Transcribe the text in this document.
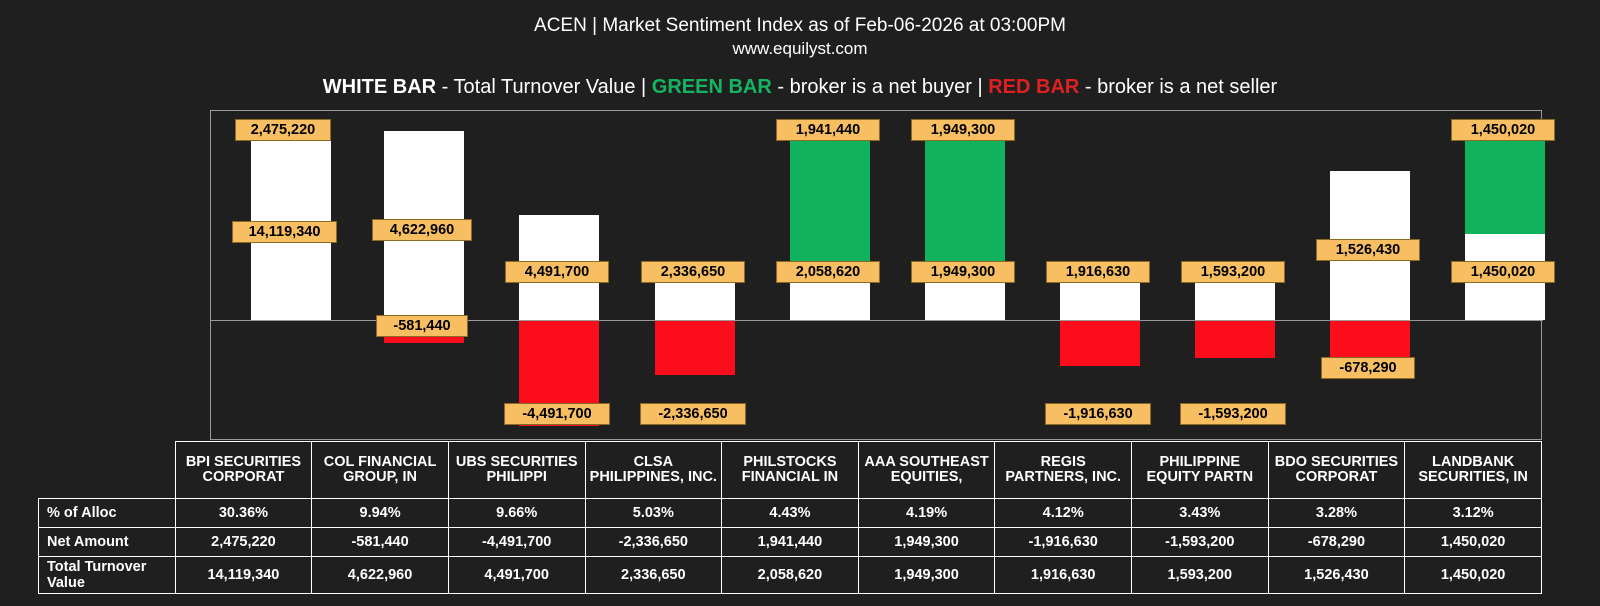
ACEN | Market Sentiment Index as of Feb-06-2026 at 03:00PM
www.equilyst.com
WHITE BAR - Total Turnover Value | GREEN BAR - broker is a net buyer | RED BAR - broker is a net seller
2,475,220
14,119,340	4,622,960
-581,440
4,491,700
-4,491,700
2,336,650
-2,336,650
1,941,440
2,058,620
1,949,300
1,949,300	1,916,630
-1,916,630
1,593,200
-1,593,200
1,526,430
-678,290
1,450,020
1,450,020
	BPI SECURITIES CORPORAT	COL FINANCIAL GROUP, IN	UBS SECURITIES PHILIPPI	CLSA PHILIPPINES, INC.	PHILSTOCKS FINANCIAL IN	AAA SOUTHEAST EQUITIES,	REGIS PARTNERS, INC.	PHILIPPINE EQUITY PARTN	BDO SECURITIES CORPORAT	LANDBANK SECURITIES, IN
% of Alloc	30.36%	9.94%	9.66%	5.03%	4.43%	4.19%	4.12%	3.43%	3.28%	3.12%
Net Amount	2,475,220	-581,440	-4,491,700	-2,336,650	1,941,440	1,949,300	-1,916,630	-1,593,200	-678,290	1,450,020
Total Turnover Value	14,119,340	4,622,960	4,491,700	2,336,650	2,058,620	1,949,300	1,916,630	1,593,200	1,526,430	1,450,020
